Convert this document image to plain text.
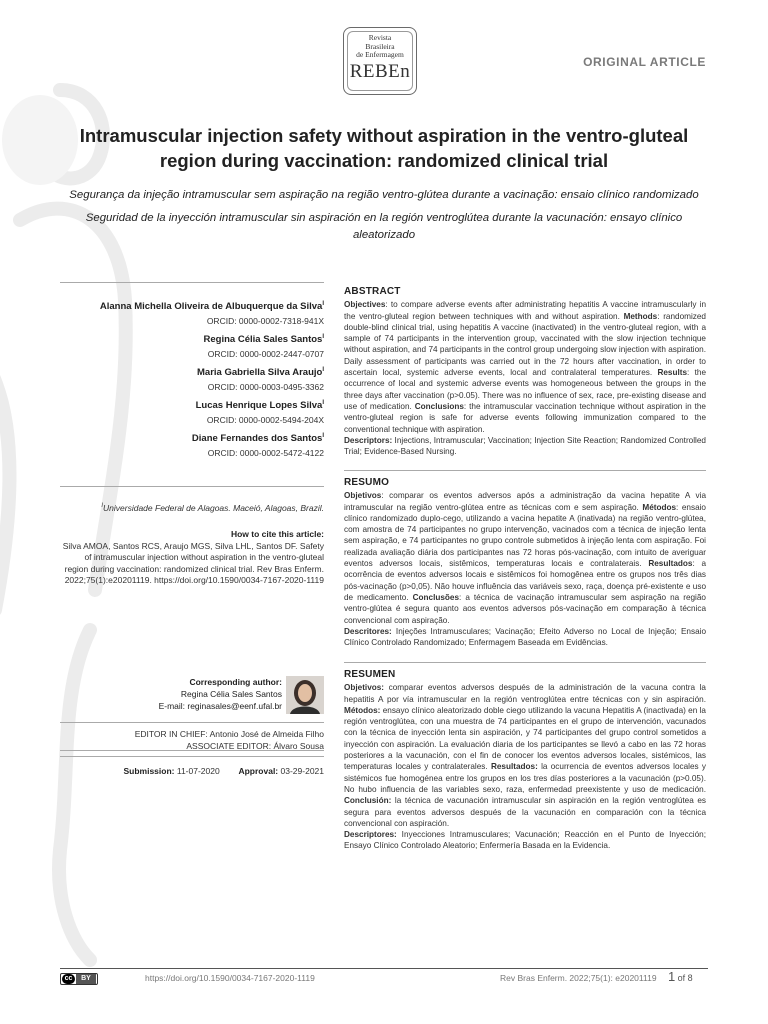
Revista
Brasileira
de Enfermagem
REBEn	ORIGINAL ARTICLE
Intramuscular injection safety without aspiration in the ventro-gluteal region during vaccination: randomized clinical trial
Segurança da injeção intramuscular sem aspiração na região ventro-glútea durante a vacinação: ensaio clínico randomizado
Seguridad de la inyección intramuscular sin aspiración en la región ventroglútea durante la vacunación: ensayo clínico aleatorizado
Alanna Michella Oliveira de Albuquerque da Silva$^I$
ORCID: 0000-0002-7318-941X
Regina Célia Sales Santos$^I$
ORCID: 0000-0002-2447-0707
Maria Gabriella Silva Araujo$^I$
ORCID: 0000-0003-0495-3362
Lucas Henrique Lopes Silva$^I$
ORCID: 0000-0002-5494-204X
Diane Fernandes dos Santos$^I$
ORCID: 0000-0002-5472-4122
$^I$Universidade Federal de Alagoas. Maceió, Alagoas, Brazil.
How to cite this article:
Silva AMOA, Santos RCS, Araujo MGS, Silva LHL, Santos DF. Safety of intramuscular injection without aspiration in the ventro-gluteal region during vaccination: randomized clinical trial. Rev Bras Enferm. 2022;75(1):e20201119. https://doi.org/10.1590/0034-7167-2020-1119
Corresponding author:
Regina Célia Sales Santos
E-mail: reginasales@eenf.ufal.br
EDITOR IN CHIEF: Antonio José de Almeida Filho
ASSOCIATE EDITOR: Álvaro Sousa
Submission: 11-07-2020 Approval: 03-29-2021
ABSTRACT

Objectives: to compare adverse events after administrating hepatitis A vaccine intramuscularly in the ventro-gluteal region between techniques with and without aspiration. Methods: randomized double-blind clinical trial, using hepatitis A vaccine (inactivated) in the ventro-gluteal region, with a sample of 74 participants in the intervention group, vaccinated with the slow injection technique without aspiration, and 74 participants in the control group undergoing slow injection with aspiration. Daily assessment of participants was carried out in the 72 hours after vaccination, in order to ascertain local, systemic adverse events, local and contralateral temperatures. Results: the occurrence of local and systemic adverse events was homogeneous between the groups in the three days after vaccination (p>0.05). There was no influence of sex, race, pre-existing disease and use of medication. Conclusions: the intramuscular vaccination technique without aspiration in the ventro-gluteal region is safe for adverse events following immunization compared to the conventional technique with aspiration.

Descriptors: Injections, Intramuscular; Vaccination; Injection Site Reaction; Randomized Controlled Trial; Evidence-Based Nursing.

RESUMO

Objetivos: comparar os eventos adversos após a administração da vacina hepatite A via intramuscular na região ventro-glútea entre as técnicas com e sem aspiração. Métodos: ensaio clínico randomizado duplo-cego, utilizando a vacina hepatite A (inativada) na região ventro-glútea, com amostra de 74 participantes no grupo intervenção, vacinados com a técnica de injeção lenta sem aspiração, e 74 participantes no grupo controle submetidos à injeção lenta com aspiração. Foi realizada avaliação diária dos participantes nas 72 horas pós-vacinação, com intuito de averiguar eventos adversos locais, sistêmicos, temperaturas locais e contralaterais. Resultados: a ocorrência de eventos adversos locais e sistêmicos foi homogênea entre os grupos nos três dias pós-vacinação (p>0,05). Não houve influência das variáveis sexo, raça, doença pré-existente e uso de medicamento. Conclusões: a técnica de vacinação intramuscular sem aspiração na região ventro-glútea é segura quanto aos eventos adversos pós-vacinação em comparação à técnica convencional com aspiração.

Descritores: Injeções Intramusculares; Vacinação; Efeito Adverso no Local de Injeção; Ensaio Clínico Controlado Randomizado; Enfermagem Baseada em Evidências.

RESUMEN

Objetivos: comparar eventos adversos después de la administración de la vacuna contra la hepatitis A por vía intramuscular en la región ventroglútea entre técnicas con y sin aspiración. Métodos: ensayo clínico aleatorizado doble ciego utilizando la vacuna Hepatitis A (inactivada) en la región ventroglútea, con una muestra de 74 participantes en el grupo de intervención, vacunados con la técnica de inyección lenta sin aspiración, y 74 participantes del grupo control sometidos a inyección con aspiración. La evaluación diaria de los participantes se llevó a cabo en las 72 horas posteriores a la vacunación, con el fin de conocer los eventos adversos locales, sistémicos, las temperaturas locales y contralaterales. Resultados: la ocurrencia de eventos adversos locales y sistémicos fue homogénea entre los grupos en los tres días posteriores a la vacunación (p>0.05). No hubo influencia de las variables sexo, raza, enfermedad preexistente y uso de medicación. Conclusión: la técnica de vacunación intramuscular sin aspiración en la región ventroglútea es segura para eventos adversos después de la vacunación en comparación con la técnica convencional con aspiración.

Descriptores: Inyecciones Intramusculares; Vacunación; Reacción en el Punto de Inyección; Ensayo Clínico Controlado Aleatorio; Enfermería Basada en la Evidencia.

cc	BY	https://doi.org/10.1590/0034-7167-2020-1119	Rev Bras Enferm. 2022;75(1): e20201119 1 of 8
